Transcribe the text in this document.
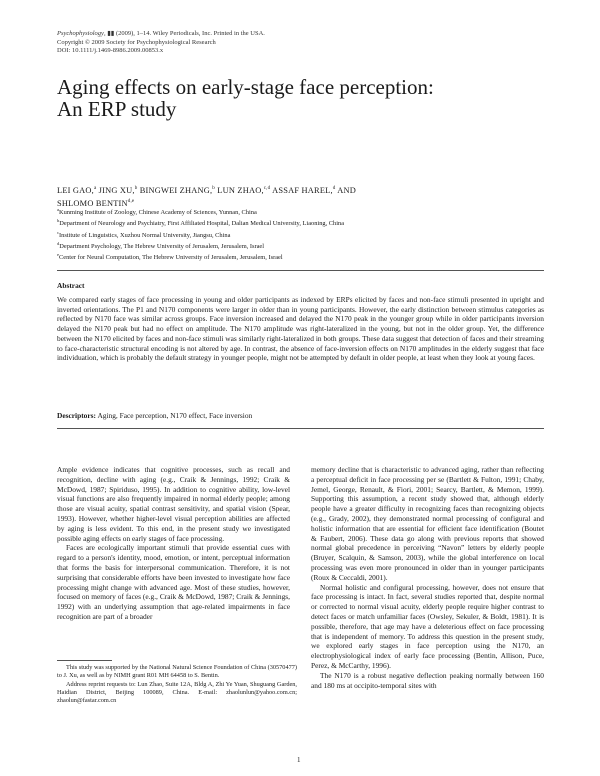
Psychophysiology, ▮▮ (2009), 1–14. Wiley Periodicals, Inc. Printed in the USA.
Copyright © 2009 Society for Psychophysiological Research
DOI: 10.1111/j.1469-8986.2009.00853.x
Aging effects on early-stage face perception:
An ERP study
LEI GAO,$^a$ JING XU,$^b$ BINGWEI ZHANG,$^b$ LUN ZHAO,$^{c,d}$ ASSAF HAREL,$^d$ AND
SHLOMO BENTIN$^{d,e}$
$^a$Kunming Institute of Zoology, Chinese Academy of Sciences, Yunnan, China
$^b$Department of Neurology and Psychiatry, First Affiliated Hospital, Dalian Medical University, Liaoning, China
$^c$Institute of Linguistics, Xuzhou Normal University, Jiangsu, China
$^d$Department Psychology, The Hebrew University of Jerusalem, Jerusalem, Israel
$^e$Center for Neural Computation, The Hebrew University of Jerusalem, Jerusalem, Israel
Abstract
We compared early stages of face processing in young and older participants as indexed by ERPs elicited by faces and non-face stimuli presented in upright and inverted orientations. The P1 and N170 components were larger in older than in young participants. However, the early distinction between stimulus categories as reflected by N170 face was similar across groups. Face inversion increased and delayed the N170 peak in the younger group while in older participants inversion delayed the N170 peak but had no effect on amplitude. The N170 amplitude was right-lateralized in the young, but not in the older group. Yet, the difference between the N170 elicited by faces and non-face stimuli was similarly right-lateralized in both groups. These data suggest that detection of faces and their streaming to face-characteristic structural encoding is not altered by age. In contrast, the absence of face-inversion effects on N170 amplitudes in the elderly suggest that face individuation, which is probably the default strategy in younger people, might not be attempted by default in older people, at least when they look at young faces.
Descriptors: Aging, Face perception, N170 effect, Face inversion

Ample evidence indicates that cognitive processes, such as recall and recognition, decline with aging (e.g., Craik & Jennings, 1992; Craik & McDowd, 1987; Spiriduso, 1995). In addition to cognitive ability, low-level visual functions are also frequently impaired in normal elderly people; among those are visual acuity, spatial contrast sensitivity, and spatial vision (Spear, 1993). However, whether higher-level visual perception abilities are affected by aging is less evident. To this end, in the present study we investigated possible aging effects on early stages of face processing.

Faces are ecologically important stimuli that provide essential cues with regard to a person's identity, mood, emotion, or intent, perceptual information that forms the basis for interpersonal communication. Therefore, it is not surprising that considerable efforts have been invested to investigate how face processing might change with advanced age. Most of these studies, however, focused on memory of faces (e.g., Craik & McDowd, 1987; Craik & Jennings, 1992) with an underlying assumption that age-related impairments in face recognition are part of a broader

memory decline that is characteristic to advanced aging, rather than reflecting a perceptual deficit in face processing per se (Bartlett & Fulton, 1991; Chaby, Jemel, George, Renault, & Fiori, 2001; Searcy, Bartlett, & Memon, 1999). Supporting this assumption, a recent study showed that, although elderly people have a greater difficulty in recognizing faces than recognizing objects (e.g., Grady, 2002), they demonstrated normal processing of configural and holistic information that are essential for efficient face identification (Boutet & Faubert, 2006). These data go along with previous reports that showed normal global precedence in perceiving “Navon” letters by elderly people (Bruyer, Scalquin, & Samson, 2003), while the global interference on local processing was even more pronounced in older than in younger participants (Roux & Ceccaldi, 2001).

Normal holistic and configural processing, however, does not ensure that face processing is intact. In fact, several studies reported that, despite normal or corrected to normal visual acuity, elderly people require higher contrast to detect faces or match unfamiliar faces (Owsley, Sekuler, & Boldt, 1981). It is possible, therefore, that age may have a deleterious effect on face processing that is independent of memory. To address this question in the present study, we explored early stages in face perception using the N170, an electrophysiological index of early face processing (Bentin, Allison, Puce, Perez, & McCarthy, 1996).

The N170 is a robust negative deflection peaking normally between 160 and 180 ms at occipito-temporal sites with

This study was supported by the National Natural Science Foundation of China (30570477) to J. Xu, as well as by NIMH grant R01 MH 64458 to S. Bentin.

Address reprint requests to: Lun Zhao, Suite 12A, Bldg A, Zhi Ye Yuan, Shuguang Garden, Haidian District, Beijing 100089, China. E-mail: zhaolunlun@yahoo.com.cn; zhaolun@fastar.com.cn

1
